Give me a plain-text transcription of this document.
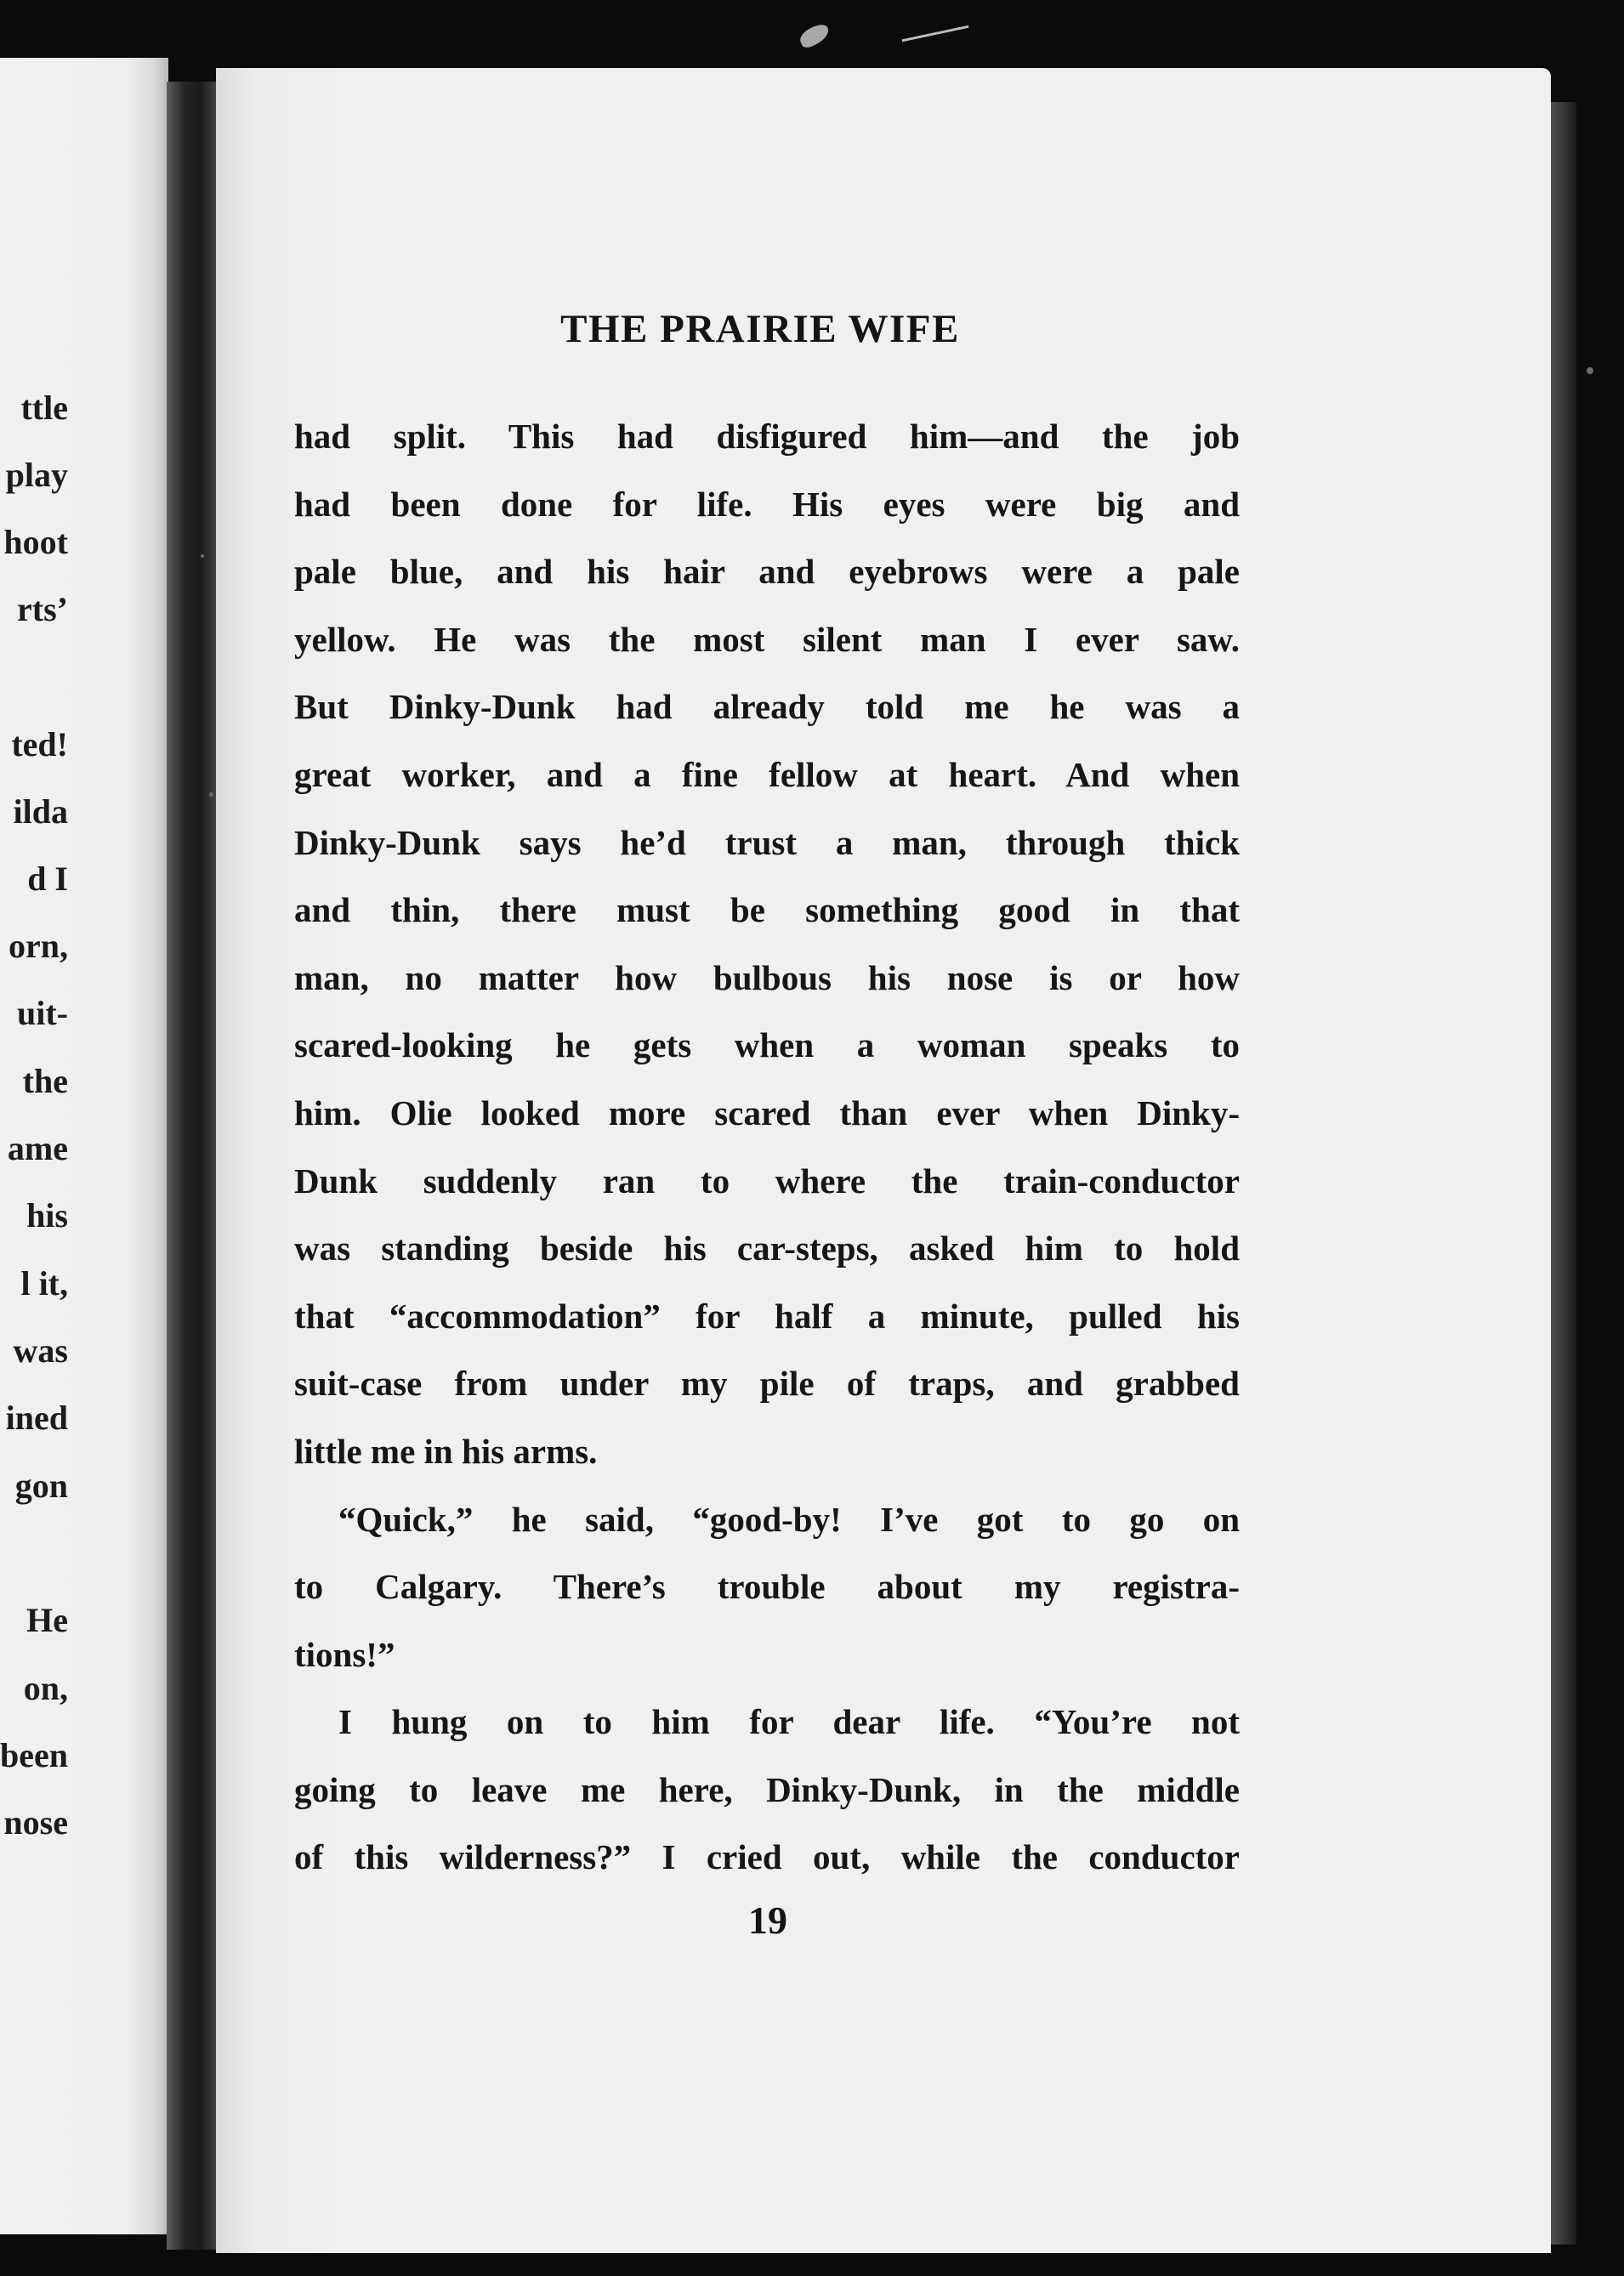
ttle
play
hoot
rts’
ted!
ilda
d I
orn,
uit-
the
ame
his
l it,
was
ined
gon
He
on,
been
nose
THE PRAIRIE WIFE
had split. This had disfigured him—and the job
had been done for life. His eyes were big and
pale blue, and his hair and eyebrows were a pale
yellow. He was the most silent man I ever saw.
But Dinky-Dunk had already told me he was a
great worker, and a fine fellow at heart. And when
Dinky-Dunk says he’d trust a man, through thick
and thin, there must be something good in that
man, no matter how bulbous his nose is or how
scared-looking he gets when a woman speaks to
him. Olie looked more scared than ever when Dinky-
Dunk suddenly ran to where the train-conductor
was standing beside his car-steps, asked him to hold
that “accommodation” for half a minute, pulled his
suit-case from under my pile of traps, and grabbed
little me in his arms.
“Quick,” he said, “good-by! I’ve got to go on
to Calgary. There’s trouble about my registra-
tions!”
I hung on to him for dear life. “You’re not
going to leave me here, Dinky-Dunk, in the middle
of this wilderness?” I cried out, while the conductor
19
